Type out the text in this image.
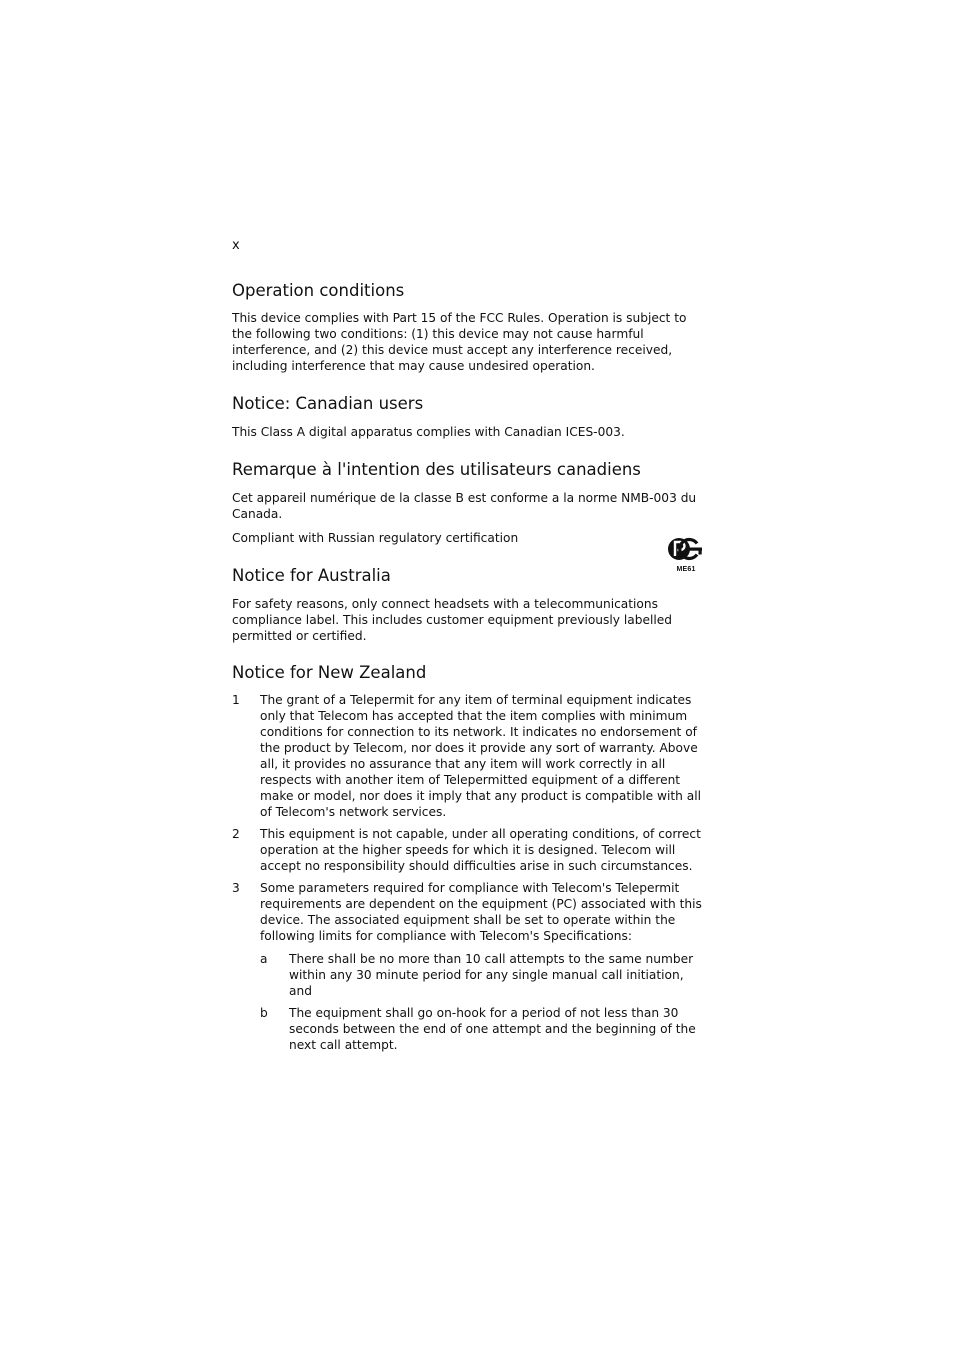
x
Operation conditions
This device complies with Part 15 of the FCC Rules. Operation is subject to the following two conditions: (1) this device may not cause harmful interference, and (2) this device must accept any interference received, including interference that may cause undesired operation.
Notice: Canadian users
This Class A digital apparatus complies with Canadian ICES-003.
Remarque à l'intention des utilisateurs canadiens
Cet appareil numérique de la classe B est conforme a la norme NMB-003 du Canada.
Compliant with Russian regulatory certification
Notice for Australia
For safety reasons, only connect headsets with a telecommunications compliance label. This includes customer equipment previously labelled permitted or certified.
Notice for New Zealand
1 The grant of a Telepermit for any item of terminal equipment indicates only that Telecom has accepted that the item complies with minimum conditions for connection to its network. It indicates no endorsement of the product by Telecom, nor does it provide any sort of warranty. Above all, it provides no assurance that any item will work correctly in all respects with another item of Telepermitted equipment of a different make or model, nor does it imply that any product is compatible with all of Telecom's network services.
2 This equipment is not capable, under all operating conditions, of correct operation at the higher speeds for which it is designed. Telecom will accept no responsibility should difficulties arise in such circumstances.
3 Some parameters required for compliance with Telecom's Telepermit requirements are dependent on the equipment (PC) associated with this device. The associated equipment shall be set to operate within the following limits for compliance with Telecom's Specifications:
a There shall be no more than 10 call attempts to the same number within any 30 minute period for any single manual call initiation, and
b The equipment shall go on-hook for a period of not less than 30 seconds between the end of one attempt and the beginning of the next call attempt.
ME61
